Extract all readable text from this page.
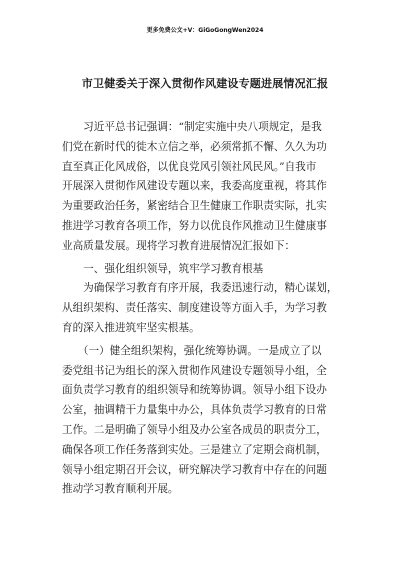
更多免费公文+V：GiGoGongWen2024
市卫健委关于深入贯彻作风建设专题进展情况汇报
　　习近平总书记强调：“制定实施中央八项规定，是我
们党在新时代的徙木立信之举，必须常抓不懈、久久为功
直至真正化风成俗，以优良党风引领社风民风。”自我市
开展深入贯彻作风建设专题以来，我委高度重视，将其作
为重要政治任务，紧密结合卫生健康工作职责实际，扎实
推进学习教育各项工作，努力以优良作风推动卫生健康事
业高质量发展。现将学习教育进展情况汇报如下：
　　一、强化组织领导，筑牢学习教育根基
　　为确保学习教育有序开展，我委迅速行动，精心谋划，
从组织架构、责任落实、制度建设等方面入手，为学习教
育的深入推进筑牢坚实根基。
　　（一）健全组织架构，强化统筹协调。一是成立了以
委党组书记为组长的深入贯彻作风建设专题领导小组，全
面负责学习教育的组织领导和统筹协调。领导小组下设办
公室，抽调精干力量集中办公，具体负责学习教育的日常
工作。二是明确了领导小组及办公室各成员的职责分工，
确保各项工作任务落到实处。三是建立了定期会商机制，
领导小组定期召开会议，研究解决学习教育中存在的问题
推动学习教育顺利开展。
